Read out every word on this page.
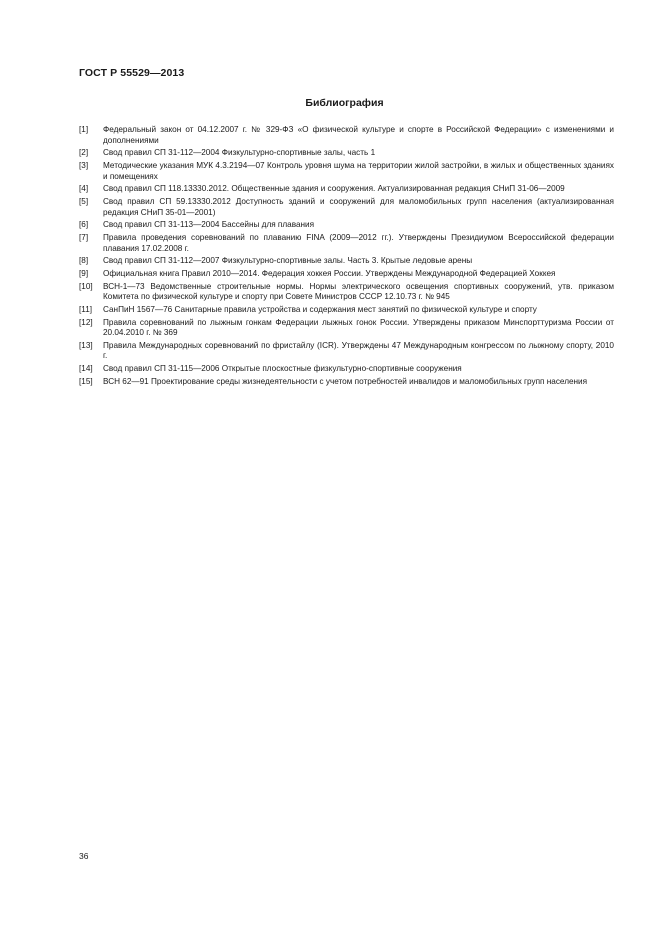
ГОСТ Р 55529—2013
Библиография
[1] Федеральный закон от 04.12.2007 г. № 329-ФЗ «О физической культуре и спорте в Российской Федерации» с изменениями и дополнениями
[2] Свод правил СП 31-112—2004 Физкультурно-спортивные залы, часть 1
[3] Методические указания МУК 4.3.2194—07 Контроль уровня шума на территории жилой застройки, в жилых и общественных зданиях и помещениях
[4] Свод правил СП 118.13330.2012. Общественные здания и сооружения. Актуализированная редакция СНиП 31-06—2009
[5] Свод правил СП 59.13330.2012 Доступность зданий и сооружений для маломобильных групп населения (актуализированная редакция СНиП 35-01—2001)
[6] Свод правил СП 31-113—2004 Бассейны для плавания
[7] Правила проведения соревнований по плаванию FINA (2009—2012 гг.). Утверждены Президиумом Всероссийской федерации плавания 17.02.2008 г.
[8] Свод правил СП 31-112—2007 Физкультурно-спортивные залы. Часть 3. Крытые ледовые арены
[9] Официальная книга Правил 2010—2014. Федерация хоккея России. Утверждены Международной Федерацией Хоккея
[10] ВСН-1—73 Ведомственные строительные нормы. Нормы электрического освещения спортивных сооружений, утв. приказом Комитета по физической культуре и спорту при Совете Министров СССР 12.10.73 г. № 945
[11] СанПиН 1567—76 Санитарные правила устройства и содержания мест занятий по физической культуре и спорту
[12] Правила соревнований по лыжным гонкам Федерации лыжных гонок России. Утверждены приказом Минспорттуризма России от 20.04.2010 г. № 369
[13] Правила Международных соревнований по фристайлу (ICR). Утверждены 47 Международным конгрессом по лыжному спорту, 2010 г.
[14] Свод правил СП 31-115—2006 Открытые плоскостные физкультурно-спортивные сооружения
[15] ВСН 62—91 Проектирование среды жизнедеятельности с учетом потребностей инвалидов и маломобильных групп населения
36
